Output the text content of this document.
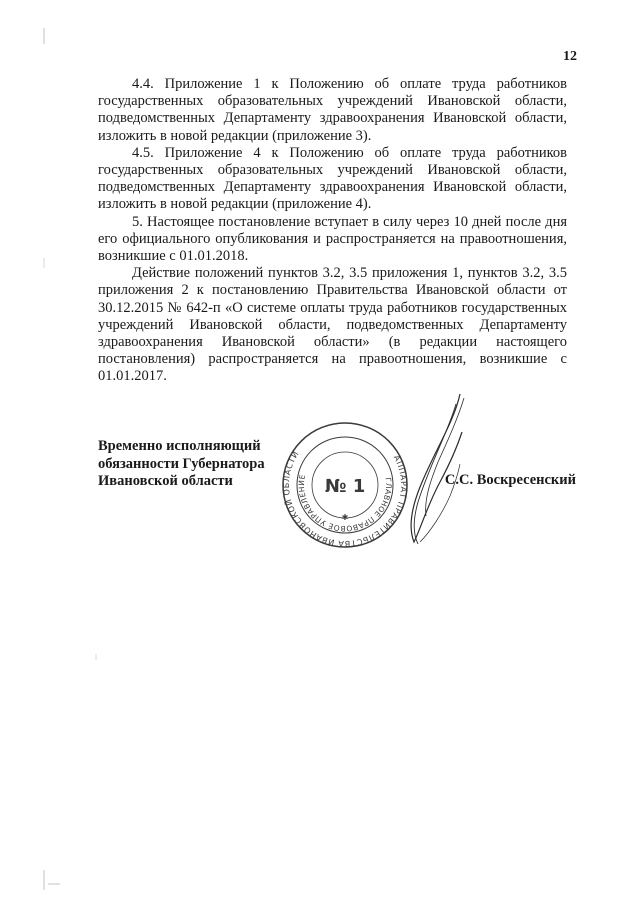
12

4.4. Приложение 1 к Положению об оплате труда работников государственных образовательных учреждений Ивановской области, подведомственных Департаменту здравоохранения Ивановской области, изложить в новой редакции (приложение 3).

4.5. Приложение 4 к Положению об оплате труда работников государственных образовательных учреждений Ивановской области, подведомственных Департаменту здравоохранения Ивановской области, изложить в новой редакции (приложение 4).

5. Настоящее постановление вступает в силу через 10 дней после дня его официального опубликования и распространяется на правоотношения, возникшие с 01.01.2018.

Действие положений пунктов 3.2, 3.5 приложения 1, пунктов 3.2, 3.5 приложения 2 к постановлению Правительства Ивановской области от 30.12.2015 № 642-п «О системе оплаты труда работников государственных учреждений Ивановской области, подведомственных Департаменту здравоохранения Ивановской области» (в редакции настоящего постановления) распространяется на правоотношения, возникшие с 01.01.2017.

Временно исполняющий
обязанности Губернатора
Ивановской области
АППАРАТ ПРАВИТЕЛЬСТВА ИВАНОВСКОЙ ОБЛАСТИ
ГЛАВНОЕ ПРАВОВОЕ УПРАВЛЕНИЕ № 1
✱
С.С. Воскресенский
